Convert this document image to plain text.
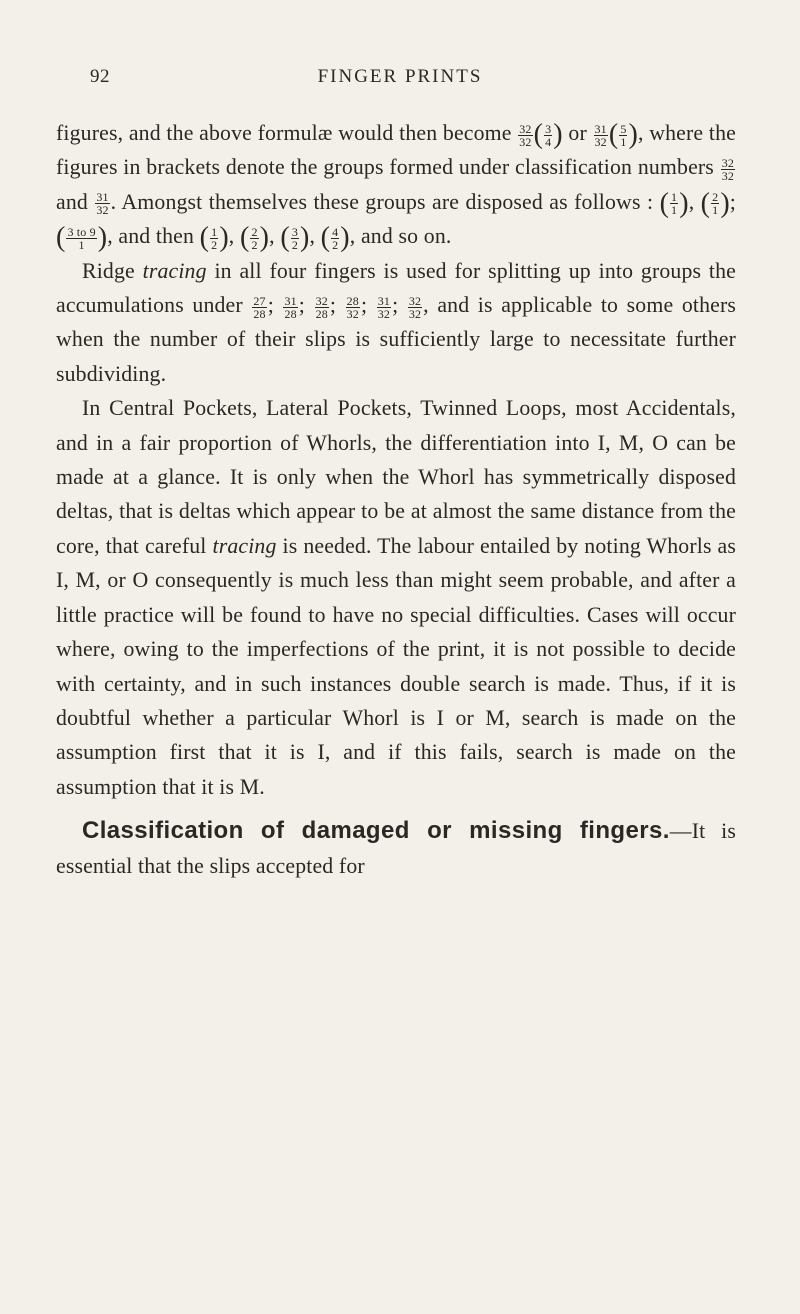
92	FINGER PRINTS

figures, and the above formulæ would then become $\frac{32}{32}$ ( $\frac{3}{4}$ ) or $\frac{31}{32}$ ( $\frac{5}{1}$ ), where the figures in brackets denote the groups formed under classification numbers $\frac{32}{32}$
and $\frac{31}{32}$ . Amongst themselves these groups are disposed as follows : ( $\frac{1}{1}$ ), ( $\frac{2}{1}$ ); ( $\frac{3 to 9}{1}$ ), and then ( $\frac{1}{2}$ ), ( $\frac{2}{2}$ ), ( $\frac{3}{2}$ ), ( $\frac{4}{2}$ ), and so on.

Ridge tracing in all four fingers is used for splitting up into groups the accumulations under $\frac{27}{28}$ ; $\frac{31}{28}$ ; $\frac{32}{28}$ ; $\frac{28}{32}$ ; $\frac{31}{32}$ ; $\frac{32}{32}$ , and is applicable to some others when the number of their slips is sufficiently large to necessitate further subdividing.

In Central Pockets, Lateral Pockets, Twinned Loops, most Accidentals, and in a fair proportion of Whorls, the differentiation into I, M, O can be made at a glance. It is only when the Whorl has symmetrically disposed deltas, that is deltas which appear to be at almost the same distance from the core, that careful tracing is needed. The labour entailed by noting Whorls as I, M, or O consequently is much less than might seem probable, and after a little practice will be found to have no special difficulties. Cases will occur where, owing to the imperfections of the print, it is not possible to decide with certainty, and in such instances double search is made. Thus, if it is doubtful whether a particular Whorl is I or M, search is made on the assumption first that it is I, and if this fails, search is made on the assumption that it is M.

Classification of damaged or missing fingers.—It is essential that the slips accepted for
